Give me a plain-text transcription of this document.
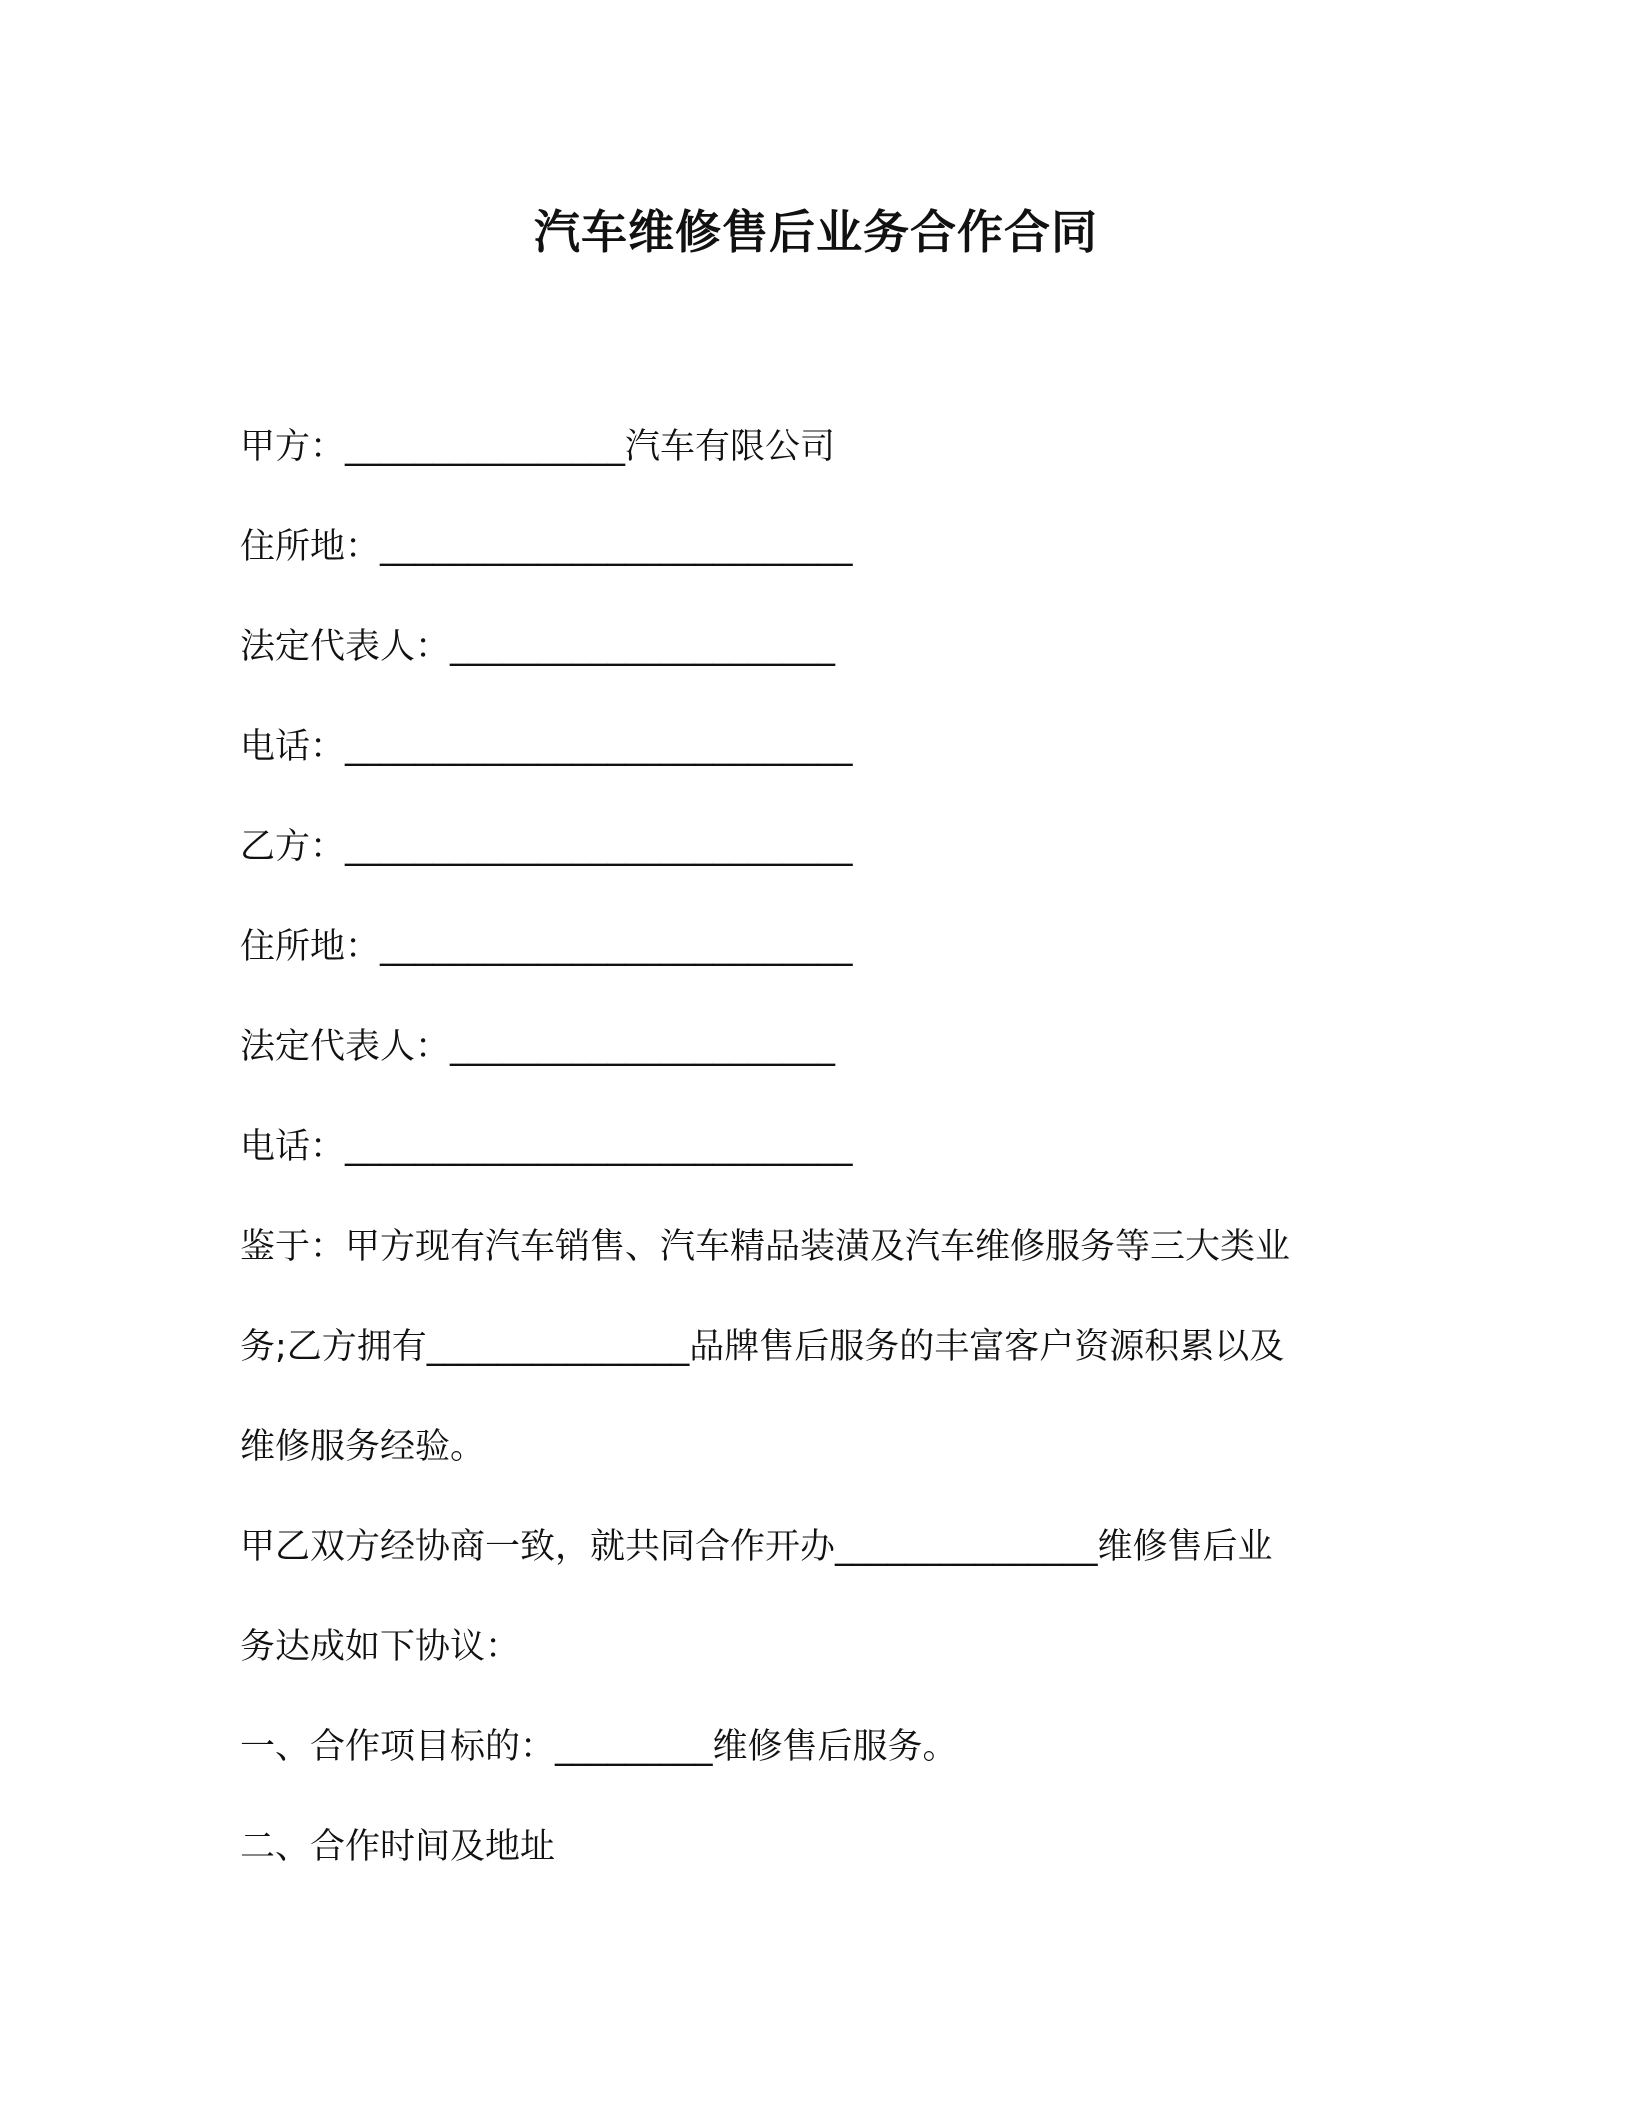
汽车维修售后业务合作合同
甲方：________________汽车有限公司
住所地：___________________________
法定代表人：______________________
电话：_____________________________
乙方：_____________________________
住所地：___________________________
法定代表人：______________________
电话：_____________________________
鉴于：甲方现有汽车销售、汽车精品装潢及汽车维修服务等三大类业
务;乙方拥有_______________品牌售后服务的丰富客户资源积累以及
维修服务经验。
甲乙双方经协商一致，就共同合作开办_______________维修售后业
务达成如下协议：
一、合作项目标的：_________维修售后服务。
二、合作时间及地址
